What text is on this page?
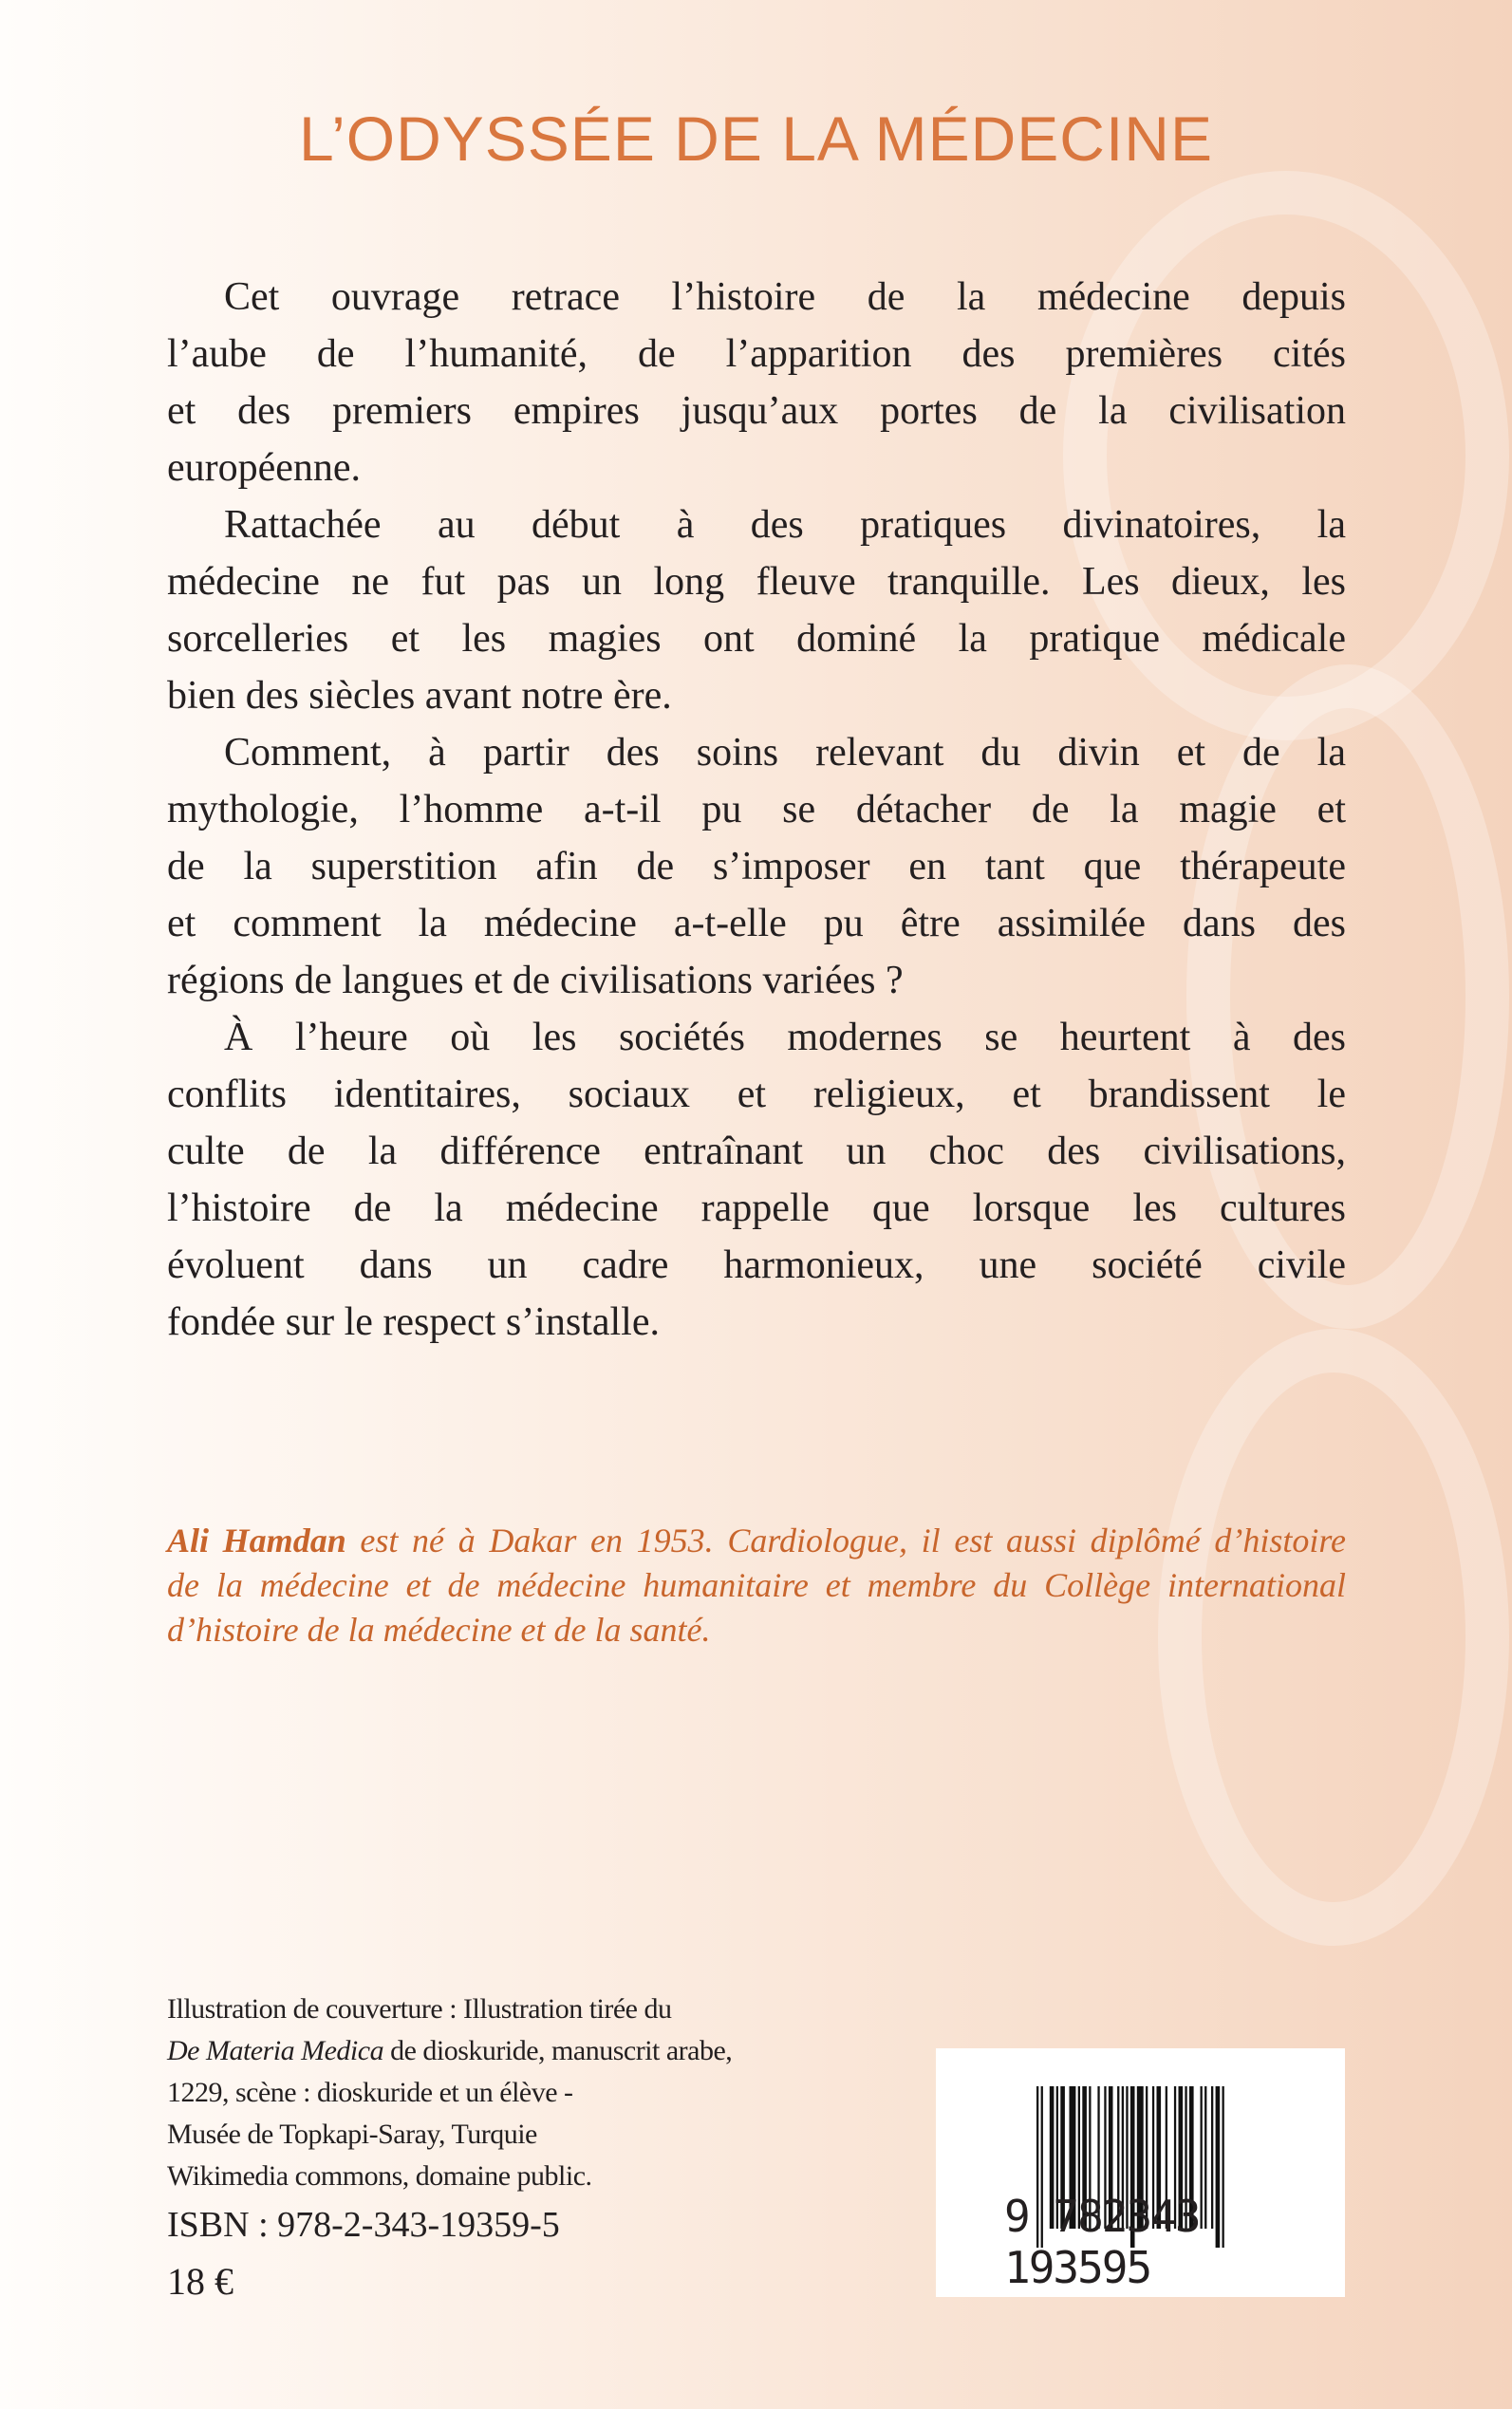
L’ODYSSÉE DE LA MÉDECINE
Cet ouvrage retrace l’histoire de la médecine depuis
l’aube de l’humanité, de l’apparition des premières cités
et des premiers empires jusqu’aux portes de la civilisation
européenne.
Rattachée au début à des pratiques divinatoires, la
médecine ne fut pas un long fleuve tranquille. Les dieux, les
sorcelleries et les magies ont dominé la pratique médicale
bien des siècles avant notre ère.
Comment, à partir des soins relevant du divin et de la
mythologie, l’homme a-t-il pu se détacher de la magie et
de la superstition afin de s’imposer en tant que thérapeute
et comment la médecine a-t-elle pu être assimilée dans des
régions de langues et de civilisations variées ?
À l’heure où les sociétés modernes se heurtent à des
conflits identitaires, sociaux et religieux, et brandissent le
culte de la différence entraînant un choc des civilisations,
l’histoire de la médecine rappelle que lorsque les cultures
évoluent dans un cadre harmonieux, une société civile
fondée sur le respect s’installe.
Ali Hamdan est né à Dakar en 1953. Cardiologue, il est aussi diplômé d’histoire
de la médecine et de médecine humanitaire et membre du Collège international
d’histoire de la médecine et de la santé.
Illustration de couverture : Illustration tirée du
De Materia Medica de dioskuride, manuscrit arabe,
1229, scène : dioskuride et un élève -
Musée de Topkapi-Saray, Turquie
Wikimedia commons, domaine public.
ISBN : 978-2-343-19359-5
18 €
9 782343 193595
